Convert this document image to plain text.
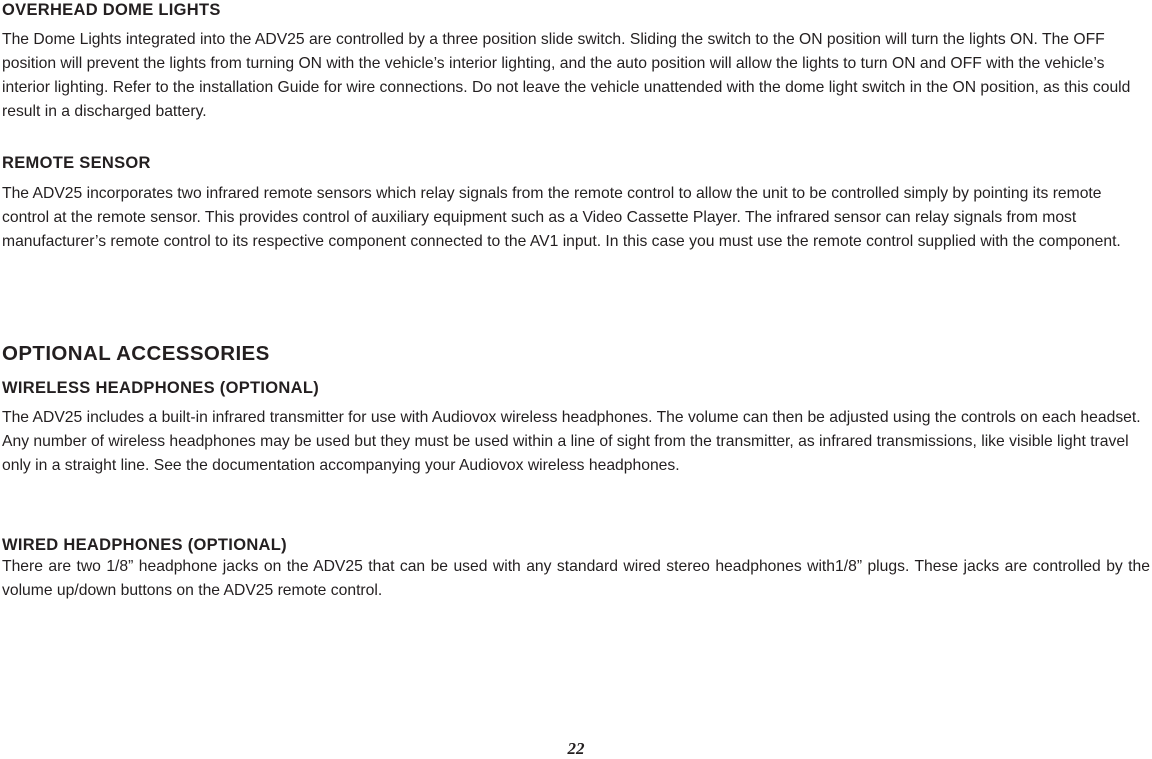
OVERHEAD DOME LIGHTS

The Dome Lights integrated into the ADV25 are controlled by a three position slide switch. Sliding the switch to the ON position will turn the lights ON. The OFF position will prevent the lights from turning ON with the vehicle’s interior lighting, and the auto position will allow the lights to turn ON and OFF with the vehicle’s interior lighting. Refer to the installation Guide for wire connections. Do not leave the vehicle unattended with the dome light switch in the ON position, as this could result in a discharged battery.

REMOTE SENSOR

The ADV25 incorporates two infrared remote sensors which relay signals from the remote control to allow the unit to be controlled simply by pointing its remote control at the remote sensor. This provides control of auxiliary equipment such as a Video Cassette Player. The infrared sensor can relay signals from most manufacturer’s remote control to its respective component connected to the AV1 input. In this case you must use the remote control supplied with the component.

OPTIONAL ACCESSORIES
WIRELESS HEADPHONES (OPTIONAL)

The ADV25 includes a built-in infrared transmitter for use with Audiovox wireless headphones. The volume can then be adjusted using the controls on each headset. Any number of wireless headphones may be used but they must be used within a line of sight from the transmitter, as infrared transmissions, like visible light travel only in a straight line. See the documentation accompanying your Audiovox wireless headphones.

WIRED HEADPHONES (OPTIONAL)

There are two 1/8” headphone jacks on the ADV25 that can be used with any standard wired stereo headphones with1/8” plugs. These jacks are controlled by the volume up/down buttons on the ADV25 remote control.

22
